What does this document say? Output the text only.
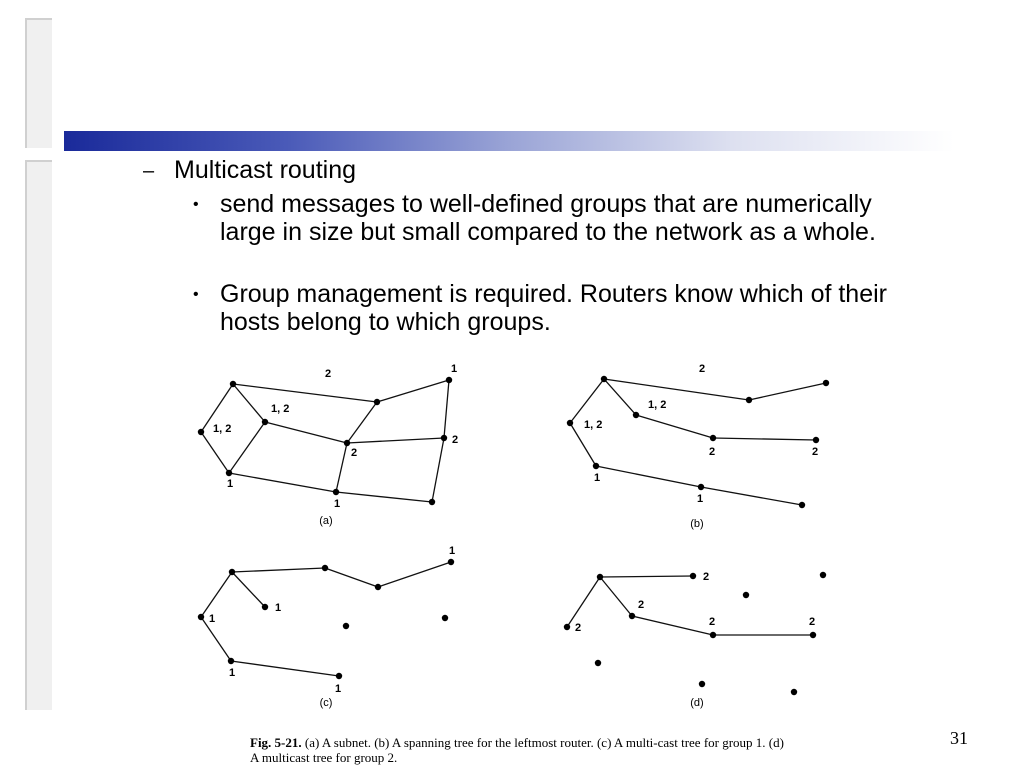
– Multicast routing
• send messages to well-defined groups that are numerically large in size but small compared to the network as a whole.
• Group management is required. Routers know which of their hosts belong to which groups.
1, 2
1
1, 2
2
2
1
1
2
(a)
1, 2
1
1, 2
2
2
1
2
(b)
1
1
1
1
1
(c)
2
2
2
2	2
(d)
Fig. 5-21. (a) A subnet. (b) A spanning tree for the leftmost router. (c) A multi-cast tree for group 1. (d) A multicast tree for group 2.
31
